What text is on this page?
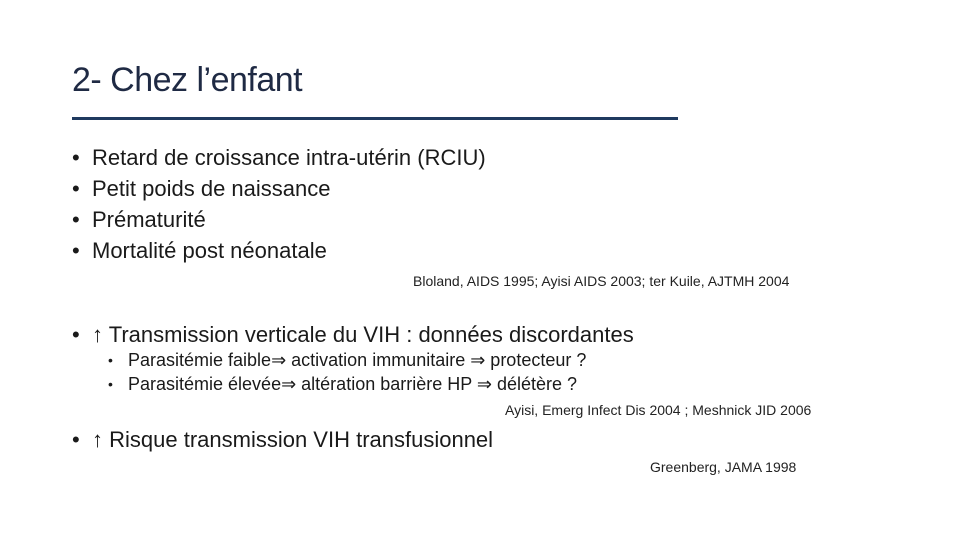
2- Chez l’enfant
• Retard de croissance intra-utérin (RCIU)
• Petit poids de naissance
• Prématurité
• Mortalité post néonatale
Bloland, AIDS 1995; Ayisi AIDS 2003; ter Kuile, AJTMH 2004
• ↑ Transmission verticale du VIH : données discordantes
• Parasitémie faible⇒ activation immunitaire ⇒ protecteur ?
• Parasitémie élevée⇒ altération barrière HP ⇒ délétère ?
Ayisi, Emerg Infect Dis 2004 ; Meshnick JID 2006
• ↑ Risque transmission VIH transfusionnel
Greenberg, JAMA 1998
